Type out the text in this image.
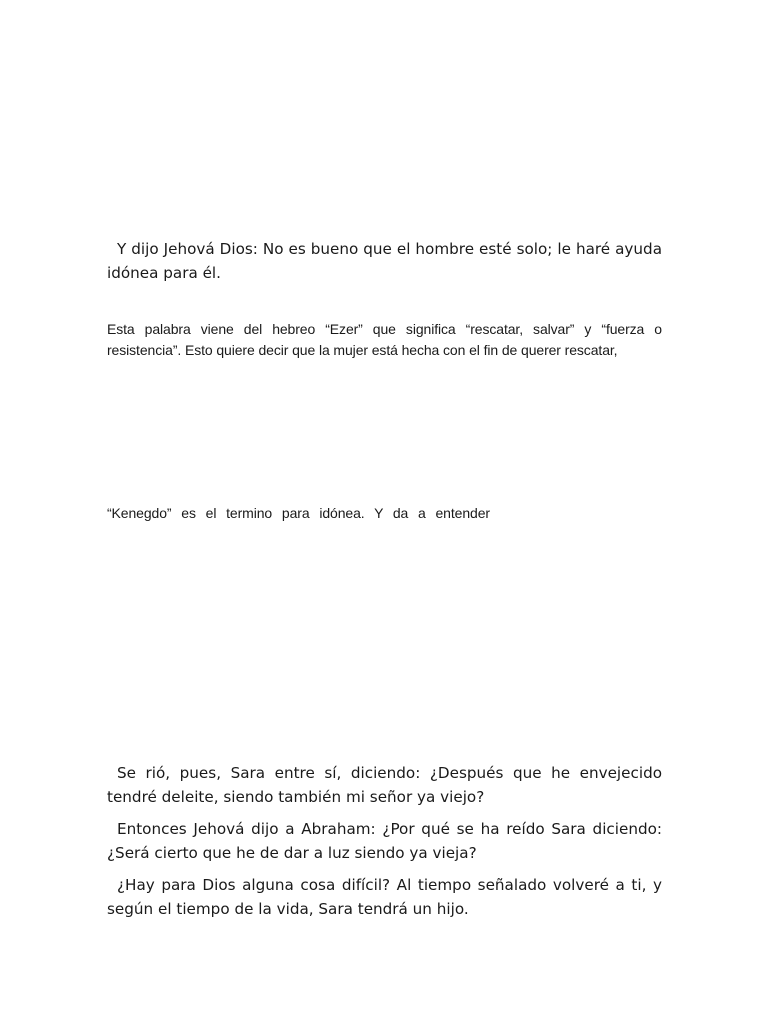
Y dijo Jehová Dios: No es bueno que el hombre esté solo; le haré ayuda idónea para él.

Esta palabra viene del hebreo “Ezer” que significa “rescatar, salvar” y “fuerza o resistencia”. Esto quiere decir que la mujer está hecha con el fin de querer rescatar,

“Kenegdo” es el termino para idónea. Y da a entender

Se rió, pues, Sara entre sí, diciendo: ¿Después que he envejecido tendré deleite, siendo también mi señor ya viejo?

Entonces Jehová dijo a Abraham: ¿Por qué se ha reído Sara diciendo: ¿Será cierto que he de dar a luz siendo ya vieja?

¿Hay para Dios alguna cosa difícil? Al tiempo señalado volveré a ti, y según el tiempo de la vida, Sara tendrá un hijo.
